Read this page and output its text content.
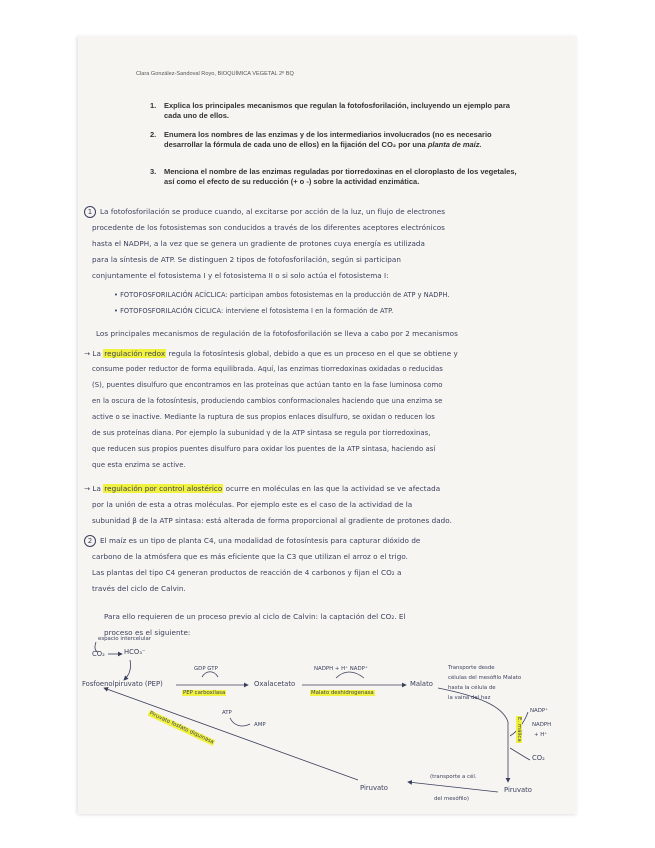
Clara González-Sandoval Royo, BIOQUÍMICA VEGETAL 2º BQ
1. Explica los principales mecanismos que regulan la fotofosforilación, incluyendo un ejemplo para cada uno de ellos.
2. Enumera los nombres de las enzimas y de los intermediarios involucrados (no es necesario desarrollar la fórmula de cada uno de ellos) en la fijación del CO₂ por una planta de maíz.
3. Menciona el nombre de las enzimas reguladas por tiorredoxinas en el cloroplasto de los vegetales, así como el efecto de su reducción (+ o -) sobre la actividad enzimática.
1	La fotofosforilación se produce cuando, al excitarse por acción de la luz, un flujo de electrones
procedente de los fotosistemas son conducidos a través de los diferentes aceptores electrónicos
hasta el NADPH, a la vez que se genera un gradiente de protones cuya energía es utilizada
para la síntesis de ATP. Se distinguen 2 tipos de fotofosforilación, según si participan
conjuntamente el fotosistema I y el fotosistema II o si solo actúa el fotosistema I:
• FOTOFOSFORILACIÓN ACÍCLICA: participan ambos fotosistemas en la producción de ATP y NADPH.
• FOTOFOSFORILACIÓN CÍCLICA: interviene el fotosistema I en la formación de ATP.
Los principales mecanismos de regulación de la fotofosforilación se lleva a cabo por 2 mecanismos
→ La regulación redox regula la fotosíntesis global, debido a que es un proceso en el que se obtiene y
consume poder reductor de forma equilibrada. Aquí, las enzimas tiorredoxinas oxidadas o reducidas
(S), puentes disulfuro que encontramos en las proteínas que actúan tanto en la fase luminosa como
en la oscura de la fotosíntesis, produciendo cambios conformacionales haciendo que una enzima se
active o se inactive. Mediante la ruptura de sus propios enlaces disulfuro, se oxidan o reducen los
de sus proteínas diana. Por ejemplo la subunidad γ de la ATP sintasa se regula por tiorredoxinas,
que reducen sus propios puentes disulfuro para oxidar los puentes de la ATP sintasa, haciendo así
que esta enzima se active.
→ La regulación por control alostérico ocurre en moléculas en las que la actividad se ve afectada
por la unión de esta a otras moléculas. Por ejemplo este es el caso de la actividad de la
subunidad β de la ATP sintasa: está alterada de forma proporcional al gradiente de protones dado.
2	El maíz es un tipo de planta C4, una modalidad de fotosíntesis para capturar dióxido de
carbono de la atmósfera que es más eficiente que la C3 que utilizan el arroz o el trigo.
Las plantas del tipo C4 generan productos de reacción de 4 carbonos y fijan el CO₂ a
través del ciclo de Calvin.
Para ello requieren de un proceso previo al ciclo de Calvin: la captación del CO₂. El
proceso es el siguiente:
espacio intercelular
CO₂	HCO₃⁻
Fosfoenolpiruvato (PEP)
GDP GTP
PEP carboxilasa
Oxalacetato
NADPH + H⁺ NADP⁺
Malato deshidrogenasa
Malato
Transporte desde
células del mesófilo Malato
hasta la célula de
la vaina del haz
E. málica
NADP⁺
NADPH
+ H⁺
CO₂
Piruvato
(transporte a cél.
del mesófilo)
Piruvato
ATP
AMP
Piruvato fosfato diquinasa
